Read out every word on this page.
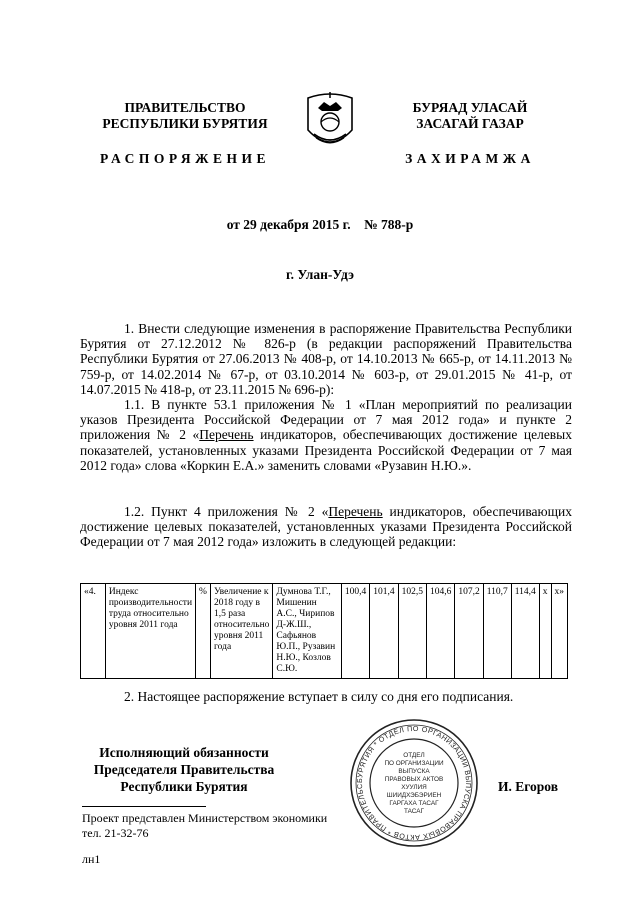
ПРАВИТЕЛЬСТВО
РЕСПУБЛИКИ БУРЯТИЯ
РАСПОРЯЖЕНИЕ
БУРЯАД УЛАСАЙ
ЗАСАГАЙ ГАЗАР
ЗАХИРАМЖА
от 29 декабря 2015 г.    № 788-р
г. Улан-Удэ
1. Внести следующие изменения в распоряжение Правительства Республики Бурятия от 27.12.2012 № 826-р (в редакции распоряжений Правительства Республики Бурятия от 27.06.2013 № 408-р, от 14.10.2013 № 665-р, от 14.11.2013 № 759-р, от 14.02.2014 № 67-р, от 03.10.2014 № 603-р, от 29.01.2015 № 41-р, от 14.07.2015 № 418-р, от 23.11.2015 № 696-р):
1.1. В пункте 53.1 приложения № 1 «План мероприятий по реализации указов Президента Российской Федерации от 7 мая 2012 года» и пункте 2 приложения № 2 «Перечень индикаторов, обеспечивающих достижение целевых показателей, установленных указами Президента Российской Федерации от 7 мая 2012 года» слова «Коркин Е.А.» заменить словами «Рузавин Н.Ю.».
1.2. Пункт 4 приложения № 2 «Перечень индикаторов, обеспечивающих достижение целевых показателей, установленных указами Президента Российской Федерации от 7 мая 2012 года» изложить в следующей редакции:
«4.	Индекс производительности труда относительно уровня 2011 года	%	Увеличение к 2018 году в 1,5 раза относительно уровня 2011 года	Думнова Т.Г., Мишенин А.С., Чирипов Д-Ж.Ш., Сафьянов Ю.П., Рузавин Н.Ю., Козлов С.Ю.	100,4	101,4	102,5	104,6	107,2	110,7	114,4	х	х»
2. Настоящее распоряжение вступает в силу со дня его подписания.
Исполняющий обязанности
Председателя Правительства
Республики Бурятия	И. Егоров
БУРЯТИЯ * ОТДЕЛ ПО ОРГАНИЗАЦИИ ВЫПУСКА ПРАВОВЫХ АКТОВ * ПРАВИТЕЛЬС
ОТДЕЛ
ПО ОРГАНИЗАЦИИ
ВЫПУСКА
ПРАВОВЫХ АКТОВ
ХУУЛИЯ
ШИИДХЭБЭРИЕН
ГАРГАХА ТАСАГ
ТАСАГ
Проект представлен Министерством экономики
тел. 21-32-76
лн1
